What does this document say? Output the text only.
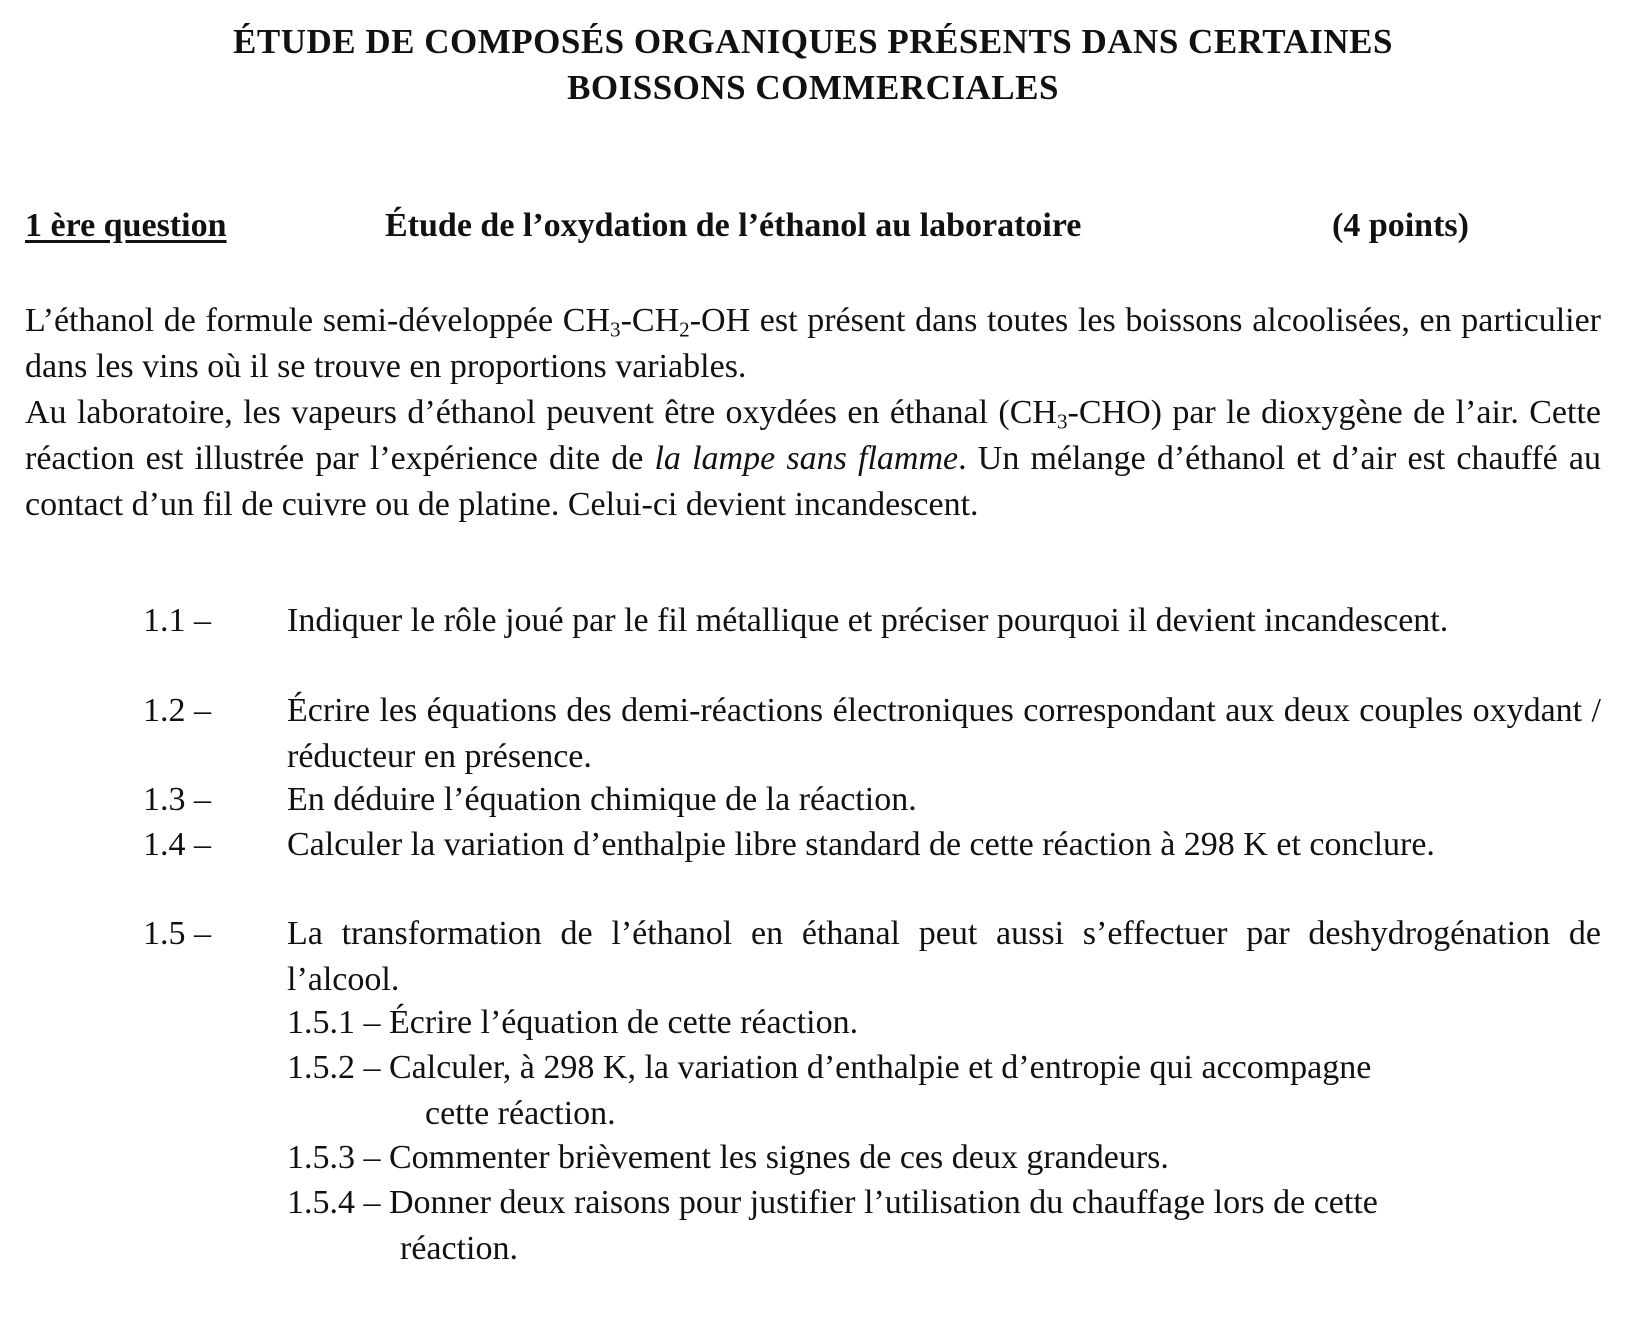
ÉTUDE DE COMPOSÉS ORGANIQUES PRÉSENTS DANS CERTAINES
BOISSONS COMMERCIALES
1 ère question	Étude de l’oxydation de l’éthanol au laboratoire	(4 points)
L’éthanol de formule semi-développée $CH_3-CH_2-OH$ est présent dans toutes les boissons alcoolisées, en particulier dans les vins où il se trouve en proportions variables.
Au laboratoire, les vapeurs d’éthanol peuvent être oxydées en éthanal $(CH_3-CHO)$ par le dioxygène de l’air. Cette réaction est illustrée par l’expérience dite de la lampe sans flamme. Un mélange d’éthanol et d’air est chauffé au contact d’un fil de cuivre ou de platine. Celui-ci devient incandescent.
1.1 – Indiquer le rôle joué par le fil métallique et préciser pourquoi il devient incandescent.
1.2 – Écrire les équations des demi-réactions électroniques correspondant aux deux couples oxydant / réducteur en présence.
1.3 – En déduire l’équation chimique de la réaction.
1.4 – Calculer la variation d’enthalpie libre standard de cette réaction à 298 K et conclure.
1.5 – La transformation de l’éthanol en éthanal peut aussi s’effectuer par deshydrogénation de l’alcool.
1.5.1 – Écrire l’équation de cette réaction.
1.5.2 – Calculer, à 298 K, la variation d’enthalpie et d’entropie qui accompagne
cette réaction.
1.5.3 – Commenter brièvement les signes de ces deux grandeurs.
1.5.4 – Donner deux raisons pour justifier l’utilisation du chauffage lors de cette
réaction.
